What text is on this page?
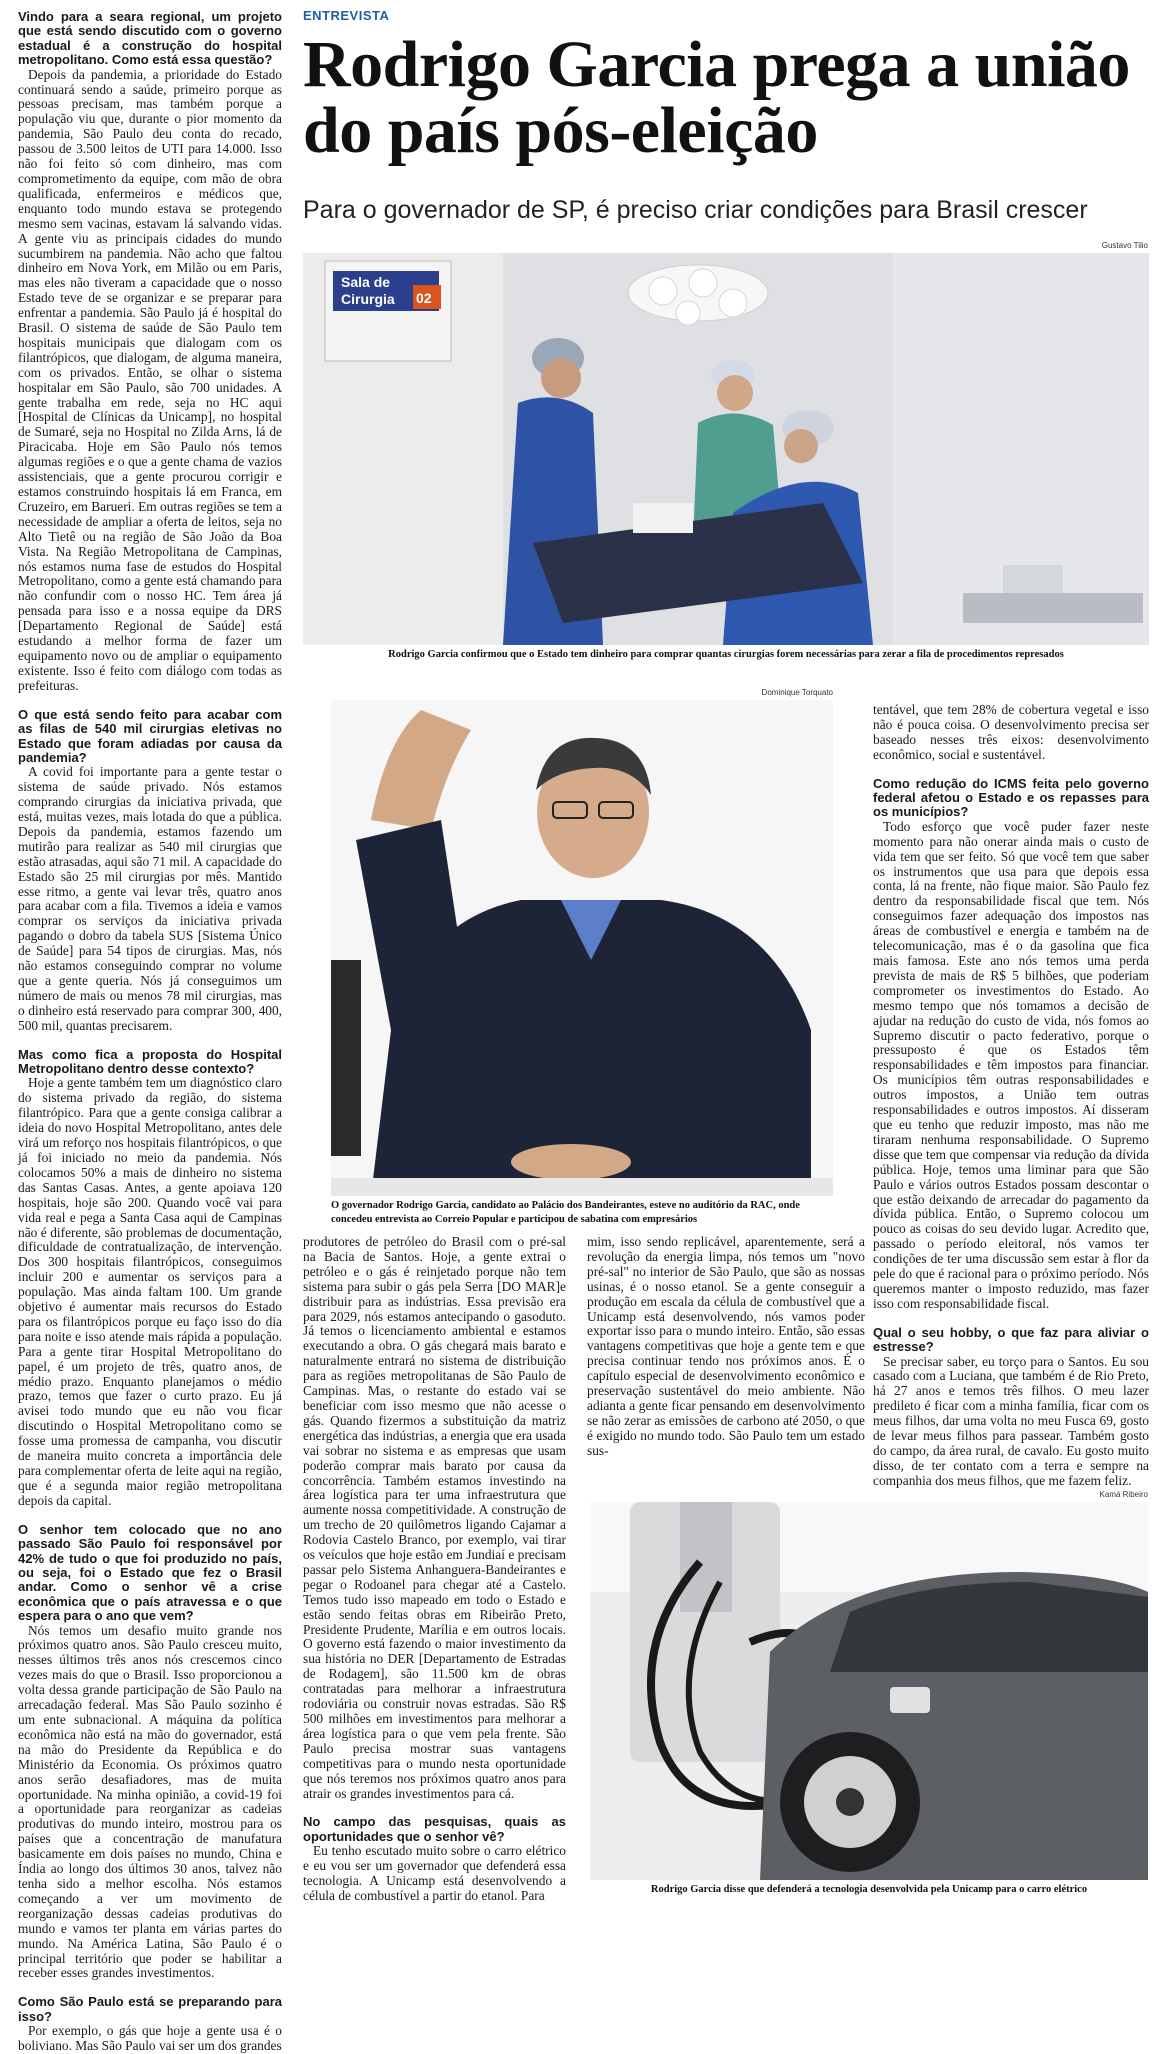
Vindo para a seara regional, um projeto que está sendo discutido com o governo estadual é a construção do hospital metropolitano. Como está essa questão?

Depois da pandemia, a prioridade do Estado continuará sendo a saúde, primeiro porque as pessoas precisam, mas também porque a população viu que, durante o pior momento da pandemia, São Paulo deu conta do recado, passou de 3.500 leitos de UTI para 14.000. Isso não foi feito só com dinheiro, mas com comprometimento da equipe, com mão de obra qualificada, enfermeiros e médicos que, enquanto todo mundo estava se protegendo mesmo sem vacinas, estavam lá salvando vidas. A gente viu as principais cidades do mundo sucumbirem na pandemia. Não acho que faltou dinheiro em Nova York, em Milão ou em Paris, mas eles não tiveram a capacidade que o nosso Estado teve de se organizar e se preparar para enfrentar a pandemia. São Paulo já é hospital do Brasil. O sistema de saúde de São Paulo tem hospitais municipais que dialogam com os filantrópicos, que dialogam, de alguma maneira, com os privados. Então, se olhar o sistema hospitalar em São Paulo, são 700 unidades. A gente trabalha em rede, seja no HC aqui [Hospital de Clínicas da Unicamp], no hospital de Sumaré, seja no Hospital no Zilda Arns, lá de Piracicaba. Hoje em São Paulo nós temos algumas regiões e o que a gente chama de vazios assistenciais, que a gente procurou corrigir e estamos construindo hospitais lá em Franca, em Cruzeiro, em Barueri. Em outras regiões se tem a necessidade de ampliar a oferta de leitos, seja no Alto Tietê ou na região de São João da Boa Vista. Na Região Metropolitana de Campinas, nós estamos numa fase de estudos do Hospital Metropolitano, como a gente está chamando para não confundir com o nosso HC. Tem área já pensada para isso e a nossa equipe da DRS [Departamento Regional de Saúde] está estudando a melhor forma de fazer um equipamento novo ou de ampliar o equipamento existente. Isso é feito com diálogo com todas as prefeituras.

O que está sendo feito para acabar com as filas de 540 mil cirurgias eletivas no Estado que foram adiadas por causa da pandemia?

A covid foi importante para a gente testar o sistema de saúde privado. Nós estamos comprando cirurgias da iniciativa privada, que está, muitas vezes, mais lotada do que a pública. Depois da pandemia, estamos fazendo um mutirão para realizar as 540 mil cirurgias que estão atrasadas, aqui são 71 mil. A capacidade do Estado são 25 mil cirurgias por mês. Mantido esse ritmo, a gente vai levar três, quatro anos para acabar com a fila. Tivemos a ideia e vamos comprar os serviços da iniciativa privada pagando o dobro da tabela SUS [Sistema Único de Saúde] para 54 tipos de cirurgias. Mas, nós não estamos conseguindo comprar no volume que a gente queria. Nós já conseguimos um número de mais ou menos 78 mil cirurgias, mas o dinheiro está reservado para comprar 300, 400, 500 mil, quantas precisarem.

Mas como fica a proposta do Hospital Metropolitano dentro desse contexto?

Hoje a gente também tem um diagnóstico claro do sistema privado da região, do sistema filantrópico. Para que a gente consiga calibrar a ideia do novo Hospital Metropolitano, antes dele virá um reforço nos hospitais filantrópicos, o que já foi iniciado no meio da pandemia. Nós colocamos 50% a mais de dinheiro no sistema das Santas Casas. Antes, a gente apoiava 120 hospitais, hoje são 200. Quando você vai para vida real e pega a Santa Casa aqui de Campinas não é diferente, são problemas de documentação, dificuldade de contratualização, de intervenção. Dos 300 hospitais filantrópicos, conseguimos incluir 200 e aumentar os serviços para a população. Mas ainda faltam 100. Um grande objetivo é aumentar mais recursos do Estado para os filantrópicos porque eu faço isso do dia para noite e isso atende mais rápida a população. Para a gente tirar Hospital Metropolitano do papel, é um projeto de três, quatro anos, de médio prazo. Enquanto planejamos o médio prazo, temos que fazer o curto prazo. Eu já avisei todo mundo que eu não vou ficar discutindo o Hospital Metropolitano como se fosse uma promessa de campanha, vou discutir de maneira muito concreta a importância dele para complementar oferta de leite aqui na região, que é a segunda maior região metropolitana depois da capital.

O senhor tem colocado que no ano passado São Paulo foi responsável por 42% de tudo o que foi produzido no país, ou seja, foi o Estado que fez o Brasil andar. Como o senhor vê a crise econômica que o país atravessa e o que espera para o ano que vem?

Nós temos um desafio muito grande nos próximos quatro anos. São Paulo cresceu muito, nesses últimos três anos nós crescemos cinco vezes mais do que o Brasil. Isso proporcionou a volta dessa grande participação de São Paulo na arrecadação federal. Mas São Paulo sozinho é um ente subnacional. A máquina da política econômica não está na mão do governador, está na mão do Presidente da República e do Ministério da Economia. Os próximos quatro anos serão desafiadores, mas de muita oportunidade. Na minha opinião, a covid-19 foi a oportunidade para reorganizar as cadeias produtivas do mundo inteiro, mostrou para os países que a concentração de manufatura basicamente em dois países no mundo, China e Índia ao longo dos últimos 30 anos, talvez não tenha sido a melhor escolha. Nós estamos começando a ver um movimento de reorganização dessas cadeias produtivas do mundo e vamos ter planta em várias partes do mundo. Na América Latina, São Paulo é o principal território que poder se habilitar a receber esses grandes investimentos.

Como São Paulo está se preparando para isso?

Por exemplo, o gás que hoje a gente usa é o boliviano. Mas São Paulo vai ser um dos grandes

ENTREVISTA
Rodrigo Garcia prega a união do país pós-eleição
Para o governador de SP, é preciso criar condições para Brasil crescer
Gustavo Tilio
Sala de
Cirurgia 02
Rodrigo Garcia confirmou que o Estado tem dinheiro para comprar quantas cirurgias forem necessárias para zerar a fila de procedimentos represados
Dominique Torquato
O governador Rodrigo Garcia, candidato ao Palácio dos Bandeirantes, esteve no auditório da RAC, onde concedeu entrevista ao Correio Popular e participou de sabatina com empresários

produtores de petróleo do Brasil com o pré-sal na Bacia de Santos. Hoje, a gente extrai o petróleo e o gás é reinjetado porque não tem sistema para subir o gás pela Serra [DO MAR]e distribuir para as indústrias. Essa previsão era para 2029, nós estamos antecipando o gasoduto. Já temos o licenciamento ambiental e estamos executando a obra. O gás chegará mais barato e naturalmente entrará no sistema de distribuição para as regiões metropolitanas de São Paulo de Campinas. Mas, o restante do estado vai se beneficiar com isso mesmo que não acesse o gás. Quando fizermos a substituição da matriz energética das indústrias, a energia que era usada vai sobrar no sistema e as empresas que usam poderão comprar mais barato por causa da concorrência. Também estamos investindo na área logística para ter uma infraestrutura que aumente nossa competitividade. A construção de um trecho de 20 quilômetros ligando Cajamar a Rodovia Castelo Branco, por exemplo, vai tirar os veículos que hoje estão em Jundiaí e precisam passar pelo Sistema Anhanguera-Bandeirantes e pegar o Rodoanel para chegar até a Castelo. Temos tudo isso mapeado em todo o Estado e estão sendo feitas obras em Ribeirão Preto, Presidente Prudente, Marília e em outros locais. O governo está fazendo o maior investimento da sua história no DER [Departamento de Estradas de Rodagem], são 11.500 km de obras contratadas para melhorar a infraestrutura rodoviária ou construir novas estradas. São R$ 500 milhões em investimentos para melhorar a área logística para o que vem pela frente. São Paulo precisa mostrar suas vantagens competitivas para o mundo nesta oportunidade que nós teremos nos próximos quatro anos para atrair os grandes investimentos para cá.

No campo das pesquisas, quais as oportunidades que o senhor vê?

Eu tenho escutado muito sobre o carro elétrico e eu vou ser um governador que defenderá essa tecnologia. A Unicamp está desenvolvendo a célula de combustível a partir do etanol. Para

mim, isso sendo replicável, aparentemente, será a revolução da energia limpa, nós temos um "novo pré-sal" no interior de São Paulo, que são as nossas usinas, é o nosso etanol. Se a gente conseguir a produção em escala da célula de combustível que a Unicamp está desenvolvendo, nós vamos poder exportar isso para o mundo inteiro. Então, são essas vantagens competitivas que hoje a gente tem e que precisa continuar tendo nos próximos anos. É o capítulo especial de desenvolvimento econômico e preservação sustentável do meio ambiente. Não adianta a gente ficar pensando em desenvolvimento se não zerar as emissões de carbono até 2050, o que é exigido no mundo todo. São Paulo tem um estado sus-

tentável, que tem 28% de cobertura vegetal e isso não é pouca coisa. O desenvolvimento precisa ser baseado nesses três eixos: desenvolvimento econômico, social e sustentável.

Como redução do ICMS feita pelo governo federal afetou o Estado e os repasses para os municípios?

Todo esforço que você puder fazer neste momento para não onerar ainda mais o custo de vida tem que ser feito. Só que você tem que saber os instrumentos que usa para que depois essa conta, lá na frente, não fique maior. São Paulo fez dentro da responsabilidade fiscal que tem. Nós conseguimos fazer adequação dos impostos nas áreas de combustível e energia e também na de telecomunicação, mas é o da gasolina que fica mais famosa. Este ano nós temos uma perda prevista de mais de R$ 5 bilhões, que poderiam comprometer os investimentos do Estado. Ao mesmo tempo que nós tomamos a decisão de ajudar na redução do custo de vida, nós fomos ao Supremo discutir o pacto federativo, porque o pressuposto é que os Estados têm responsabilidades e têm impostos para financiar. Os municípios têm outras responsabilidades e outros impostos, a União tem outras responsabilidades e outros impostos. Aí disseram que eu tenho que reduzir imposto, mas não me tiraram nenhuma responsabilidade. O Supremo disse que tem que compensar via redução da dívida pública. Hoje, temos uma liminar para que São Paulo e vários outros Estados possam descontar o que estão deixando de arrecadar do pagamento da dívida pública. Então, o Supremo colocou um pouco as coisas do seu devido lugar. Acredito que, passado o período eleitoral, nós vamos ter condições de ter uma discussão sem estar à flor da pele do que é racional para o próximo período. Nós queremos manter o imposto reduzido, mas fazer isso com responsabilidade fiscal.

Qual o seu hobby, o que faz para aliviar o estresse?

Se precisar saber, eu torço para o Santos. Eu sou casado com a Luciana, que também é de Rio Preto, há 27 anos e temos três filhos. O meu lazer predileto é ficar com a minha família, ficar com os meus filhos, dar uma volta no meu Fusca 69, gosto de levar meus filhos para passear. Também gosto do campo, da área rural, de cavalo. Eu gosto muito disso, de ter contato com a terra e sempre na companhia dos meus filhos, que me fazem feliz.

Kamá Ribeiro
Rodrigo Garcia disse que defenderá a tecnologia desenvolvida pela Unicamp para o carro elétrico
